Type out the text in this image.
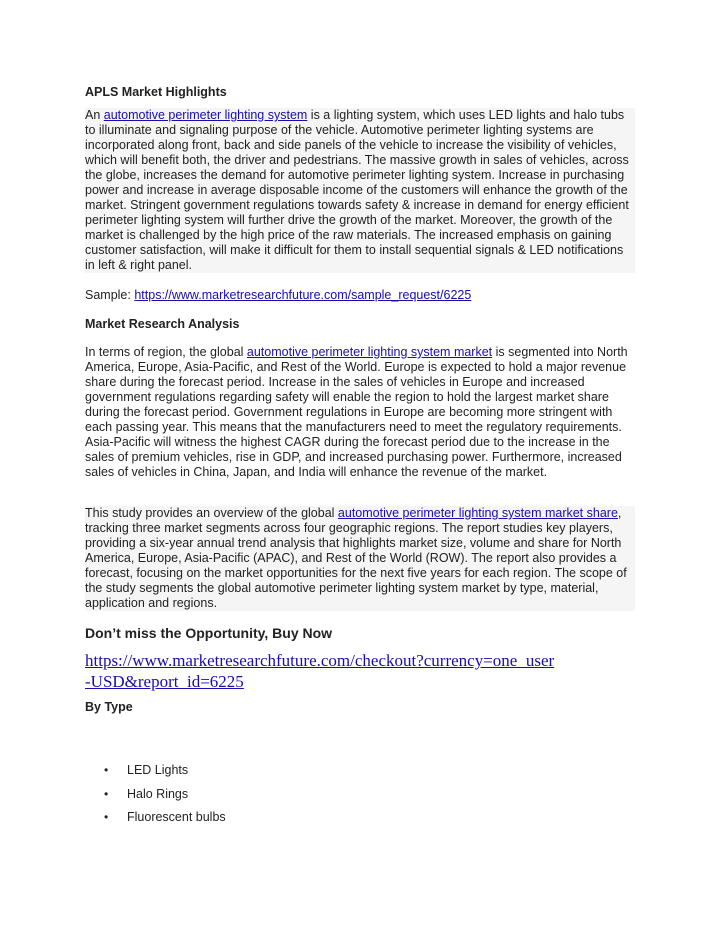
APLS Market Highlights

An automotive perimeter lighting system is a lighting system, which uses LED lights and halo tubs to illuminate and signaling purpose of the vehicle. Automotive perimeter lighting systems are incorporated along front, back and side panels of the vehicle to increase the visibility of vehicles, which will benefit both, the driver and pedestrians. The massive growth in sales of vehicles, across the globe, increases the demand for automotive perimeter lighting system. Increase in purchasing power and increase in average disposable income of the customers will enhance the growth of the market. Stringent government regulations towards safety & increase in demand for energy efficient perimeter lighting system will further drive the growth of the market. Moreover, the growth of the market is challenged by the high price of the raw materials. The increased emphasis on gaining customer satisfaction, will make it difficult for them to install sequential signals & LED notifications in left & right panel.

Sample: https://www.marketresearchfuture.com/sample_request/6225

Market Research Analysis

In terms of region, the global automotive perimeter lighting system market is segmented into North America, Europe, Asia-Pacific, and Rest of the World. Europe is expected to hold a major revenue share during the forecast period. Increase in the sales of vehicles in Europe and increased government regulations regarding safety will enable the region to hold the largest market share during the forecast period. Government regulations in Europe are becoming more stringent with each passing year. This means that the manufacturers need to meet the regulatory requirements. Asia-Pacific will witness the highest CAGR during the forecast period due to the increase in the sales of premium vehicles, rise in GDP, and increased purchasing power. Furthermore, increased sales of vehicles in China, Japan, and India will enhance the revenue of the market.

This study provides an overview of the global automotive perimeter lighting system market share, tracking three market segments across four geographic regions. The report studies key players, providing a six-year annual trend analysis that highlights market size, volume and share for North America, Europe, Asia-Pacific (APAC), and Rest of the World (ROW). The report also provides a forecast, focusing on the market opportunities for the next five years for each region. The scope of the study segments the global automotive perimeter lighting system market by type, material, application and regions.

Don’t miss the Opportunity, Buy Now

https://www.marketresearchfuture.com/checkout?currency=one_user-USD&report_id=6225

By Type

• LED Lights
• Halo Rings
• Fluorescent bulbs
